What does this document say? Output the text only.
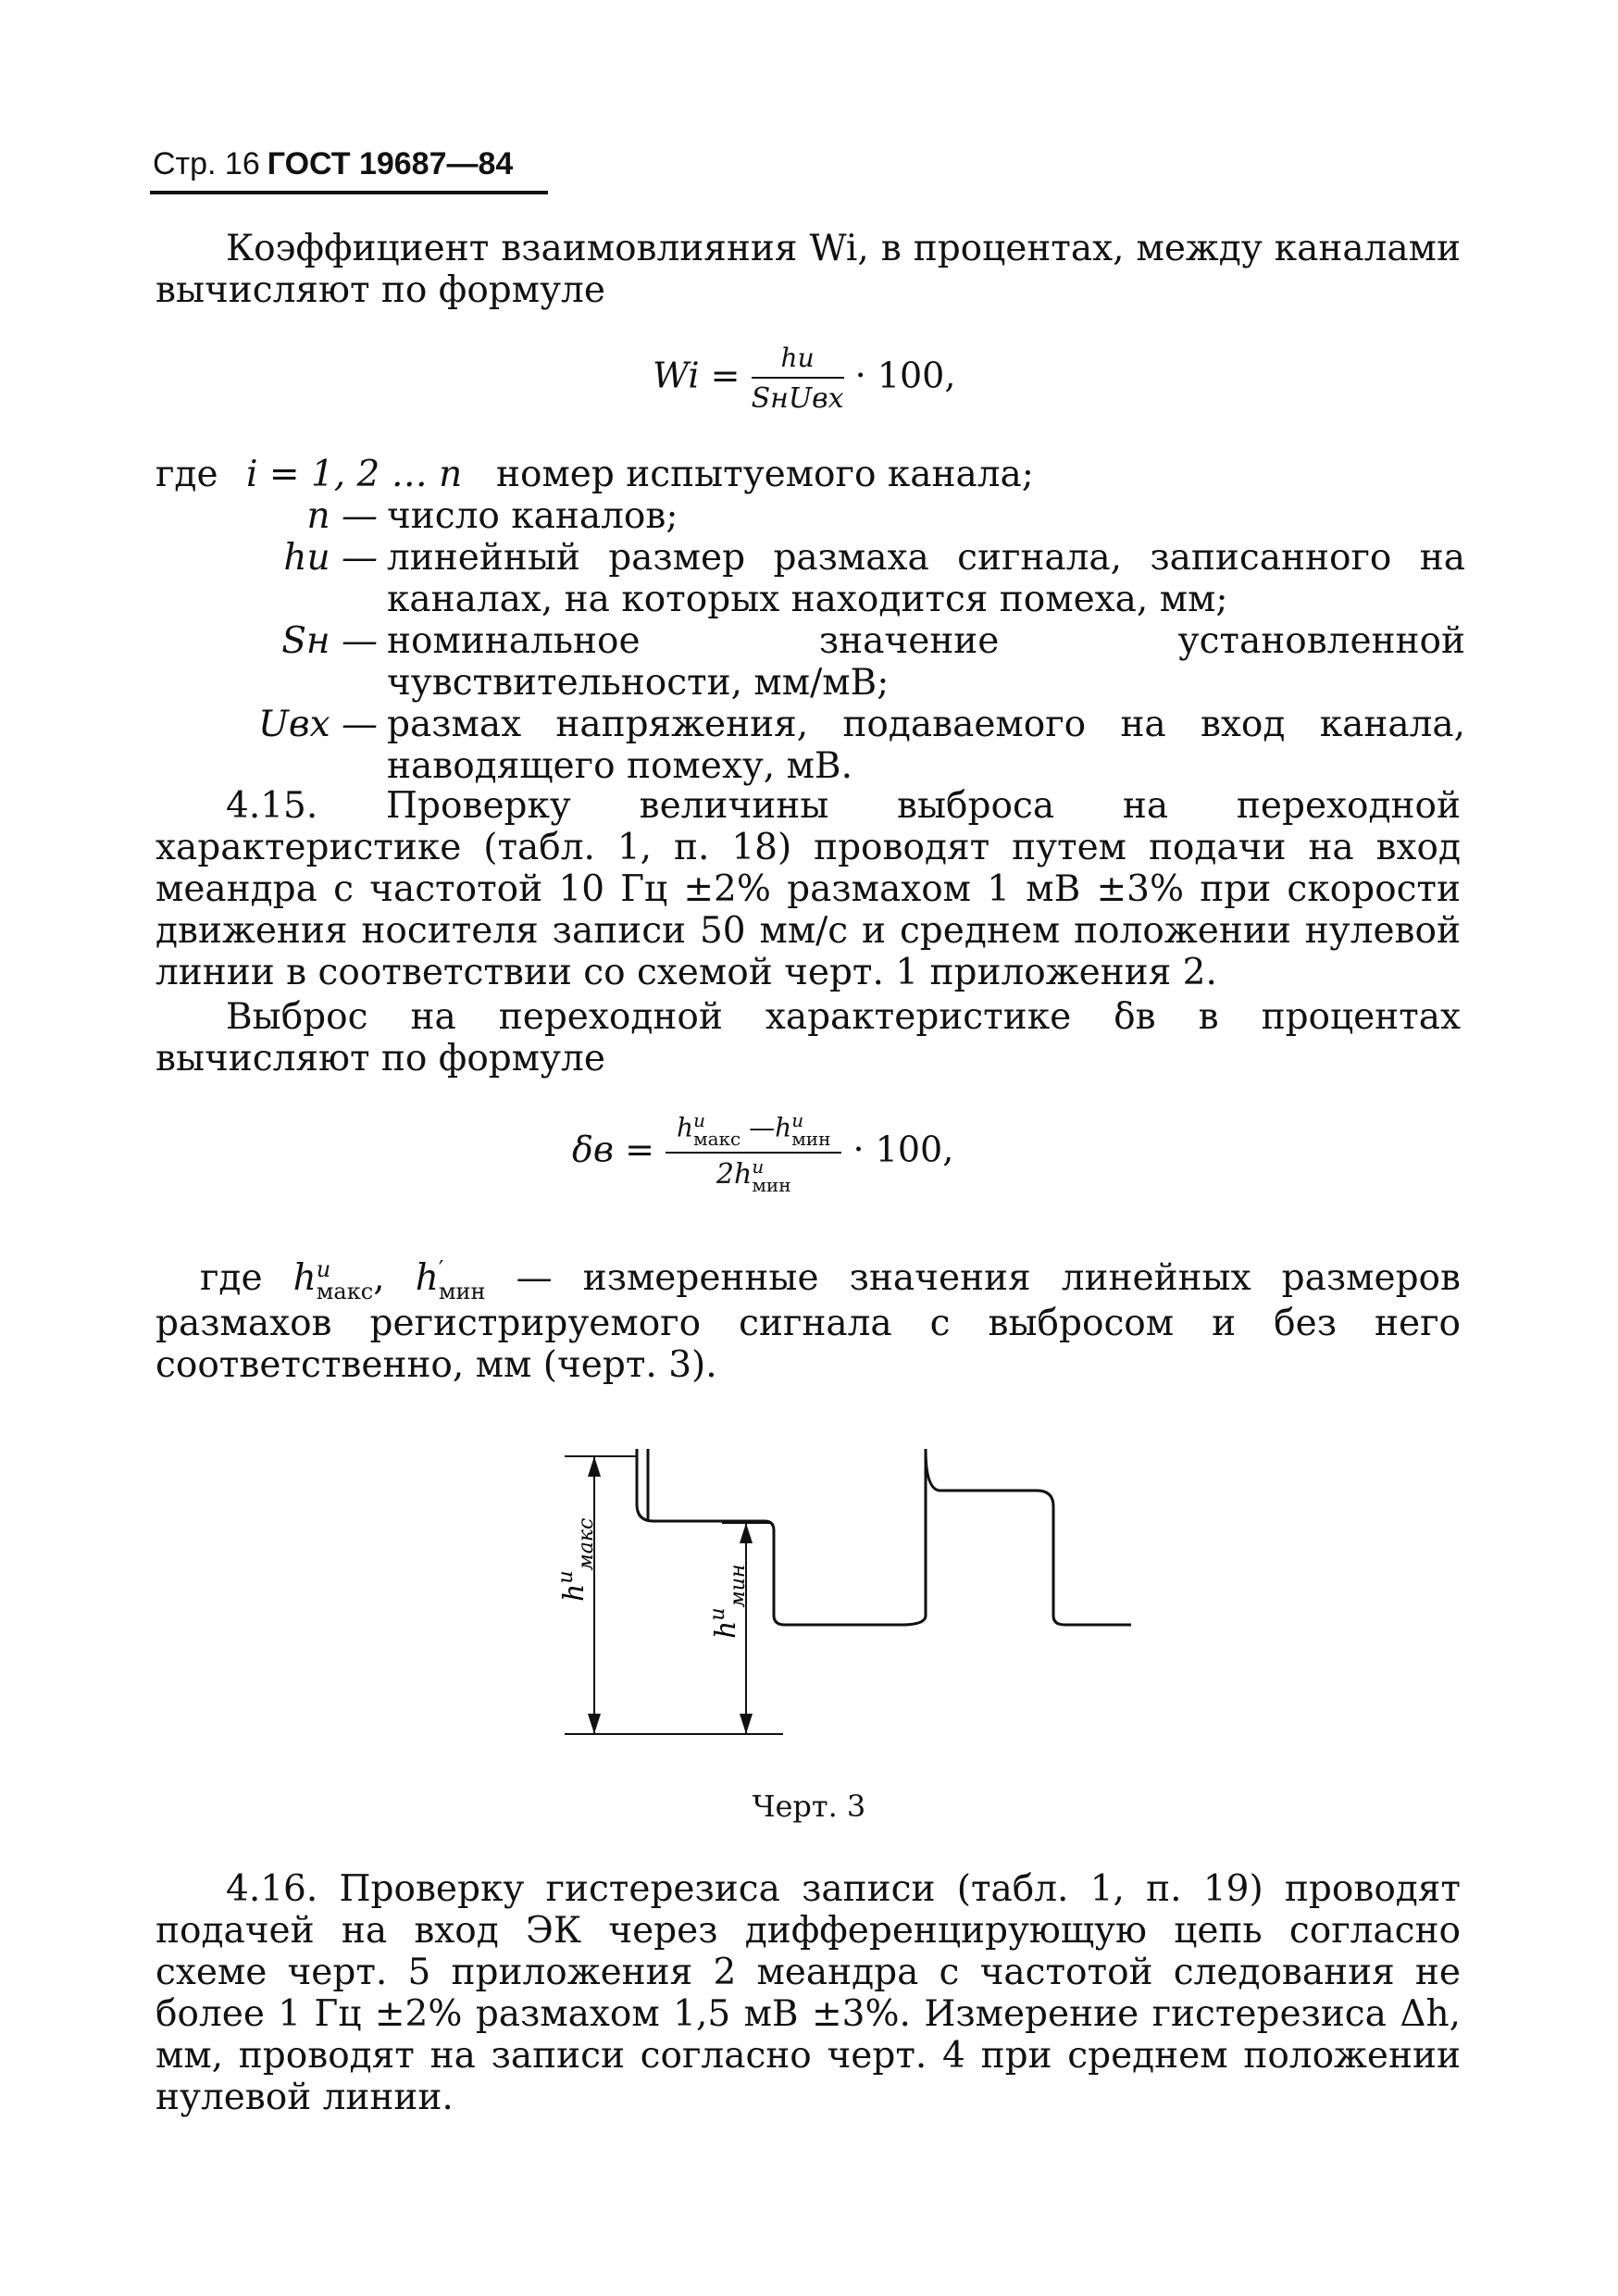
Стр. 16 ГОСТ 19687—84

Коэффициент взаимовлияния Wi, в процентах, между каналами вычисляют по формуле

$Wi = \frac{hu}{\text{SнUвх}} \cdot 100$,
где i = 1, 2 … n номер испытуемого канала;
n — число каналов;
hu — линейный размер размаха сигнала, записанного на каналах, на которых находится помеха, мм;
Sн — номинальное значение установленной чувствительности, мм/мВ;
Uвх — размах напряжения, подаваемого на вход канала, наводящего помеху, мВ.

4.15. Проверку величины выброса на переходной характеристике (табл. 1, п. 18) проводят путем подачи на вход меандра с частотой 10 Гц ±2% размахом 1 мВ ±3% при скорости движения носителя записи 50 мм/с и среднем положении нулевой линии в соответствии со схемой черт. 1 приложения 2.

Выброс на переходной характеристике δв в процентах вычисляют по формуле

δв = h u
макс —h u
мин
2h u
мин · 100,
где h u
макс , h ′
мин — измеренные значения линейных размеров размахов регистрируемого сигнала с выбросом и без него соответственно, мм (черт. 3).
$h^u_{макс}$
$h^u_{мин}$
Черт. 3

4.16. Проверку гистерезиса записи (табл. 1, п. 19) проводят подачей на вход ЭК через дифференцирующую цепь согласно схеме черт. 5 приложения 2 меандра с частотой следования не более 1 Гц ±2% размахом 1,5 мВ ±3%. Измерение гистерезиса Δh, мм, проводят на записи согласно черт. 4 при среднем положении нулевой линии.
